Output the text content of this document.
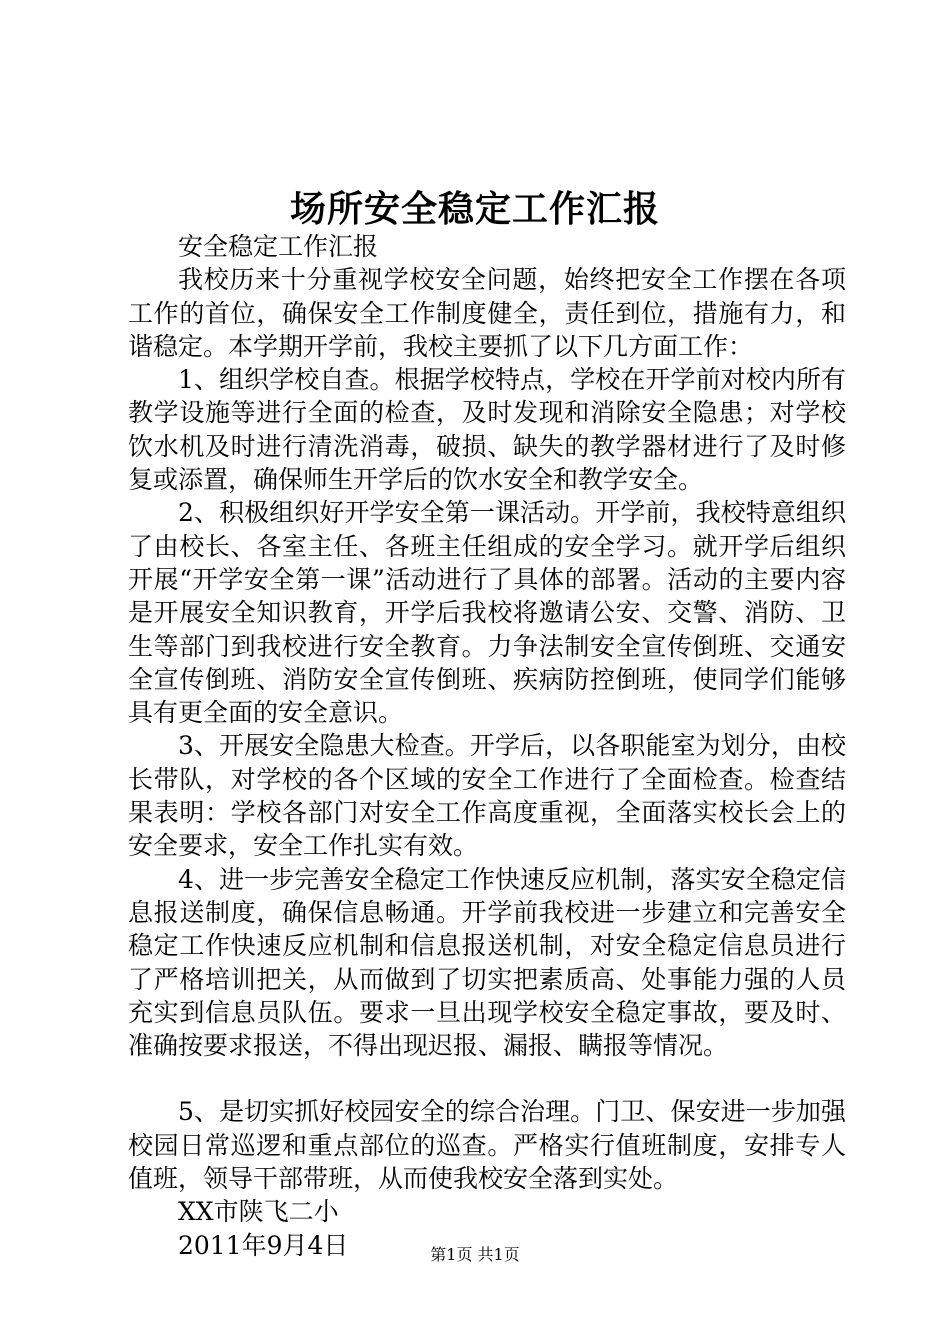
场所安全稳定工作汇报

安全稳定工作汇报

我校历来十分重视学校安全问题，始终把安全工作摆在各项工作的首位，确保安全工作制度健全，责任到位，措施有力，和谐稳定。本学期开学前，我校主要抓了以下几方面工作：

1、组织学校自查。根据学校特点，学校在开学前对校内所有教学设施等进行全面的检查，及时发现和消除安全隐患；对学校饮水机及时进行清洗消毒，破损、缺失的教学器材进行了及时修复或添置，确保师生开学后的饮水安全和教学安全。

2、积极组织好开学安全第一课活动。开学前，我校特意组织了由校长、各室主任、各班主任组成的安全学习。就开学后组织开展“开学安全第一课”活动进行了具体的部署。活动的主要内容是开展安全知识教育，开学后我校将邀请公安、交警、消防、卫生等部门到我校进行安全教育。力争法制安全宣传倒班、交通安全宣传倒班、消防安全宣传倒班、疾病防控倒班，使同学们能够具有更全面的安全意识。

3、开展安全隐患大检查。开学后，以各职能室为划分，由校长带队，对学校的各个区域的安全工作进行了全面检查。检查结果表明：学校各部门对安全工作高度重视，全面落实校长会上的安全要求，安全工作扎实有效。

4、进一步完善安全稳定工作快速反应机制，落实安全稳定信息报送制度，确保信息畅通。开学前我校进一步建立和完善安全稳定工作快速反应机制和信息报送机制，对安全稳定信息员进行了严格培训把关，从而做到了切实把素质高、处事能力强的人员充实到信息员队伍。要求一旦出现学校安全稳定事故，要及时、准确按要求报送，不得出现迟报、漏报、瞒报等情况。

5、是切实抓好校园安全的综合治理。门卫、保安进一步加强校园日常巡逻和重点部位的巡查。严格实行值班制度，安排专人值班，领导干部带班，从而使我校安全落到实处。

XX市陕飞二小

2011年9月4日	第1页 共1页
